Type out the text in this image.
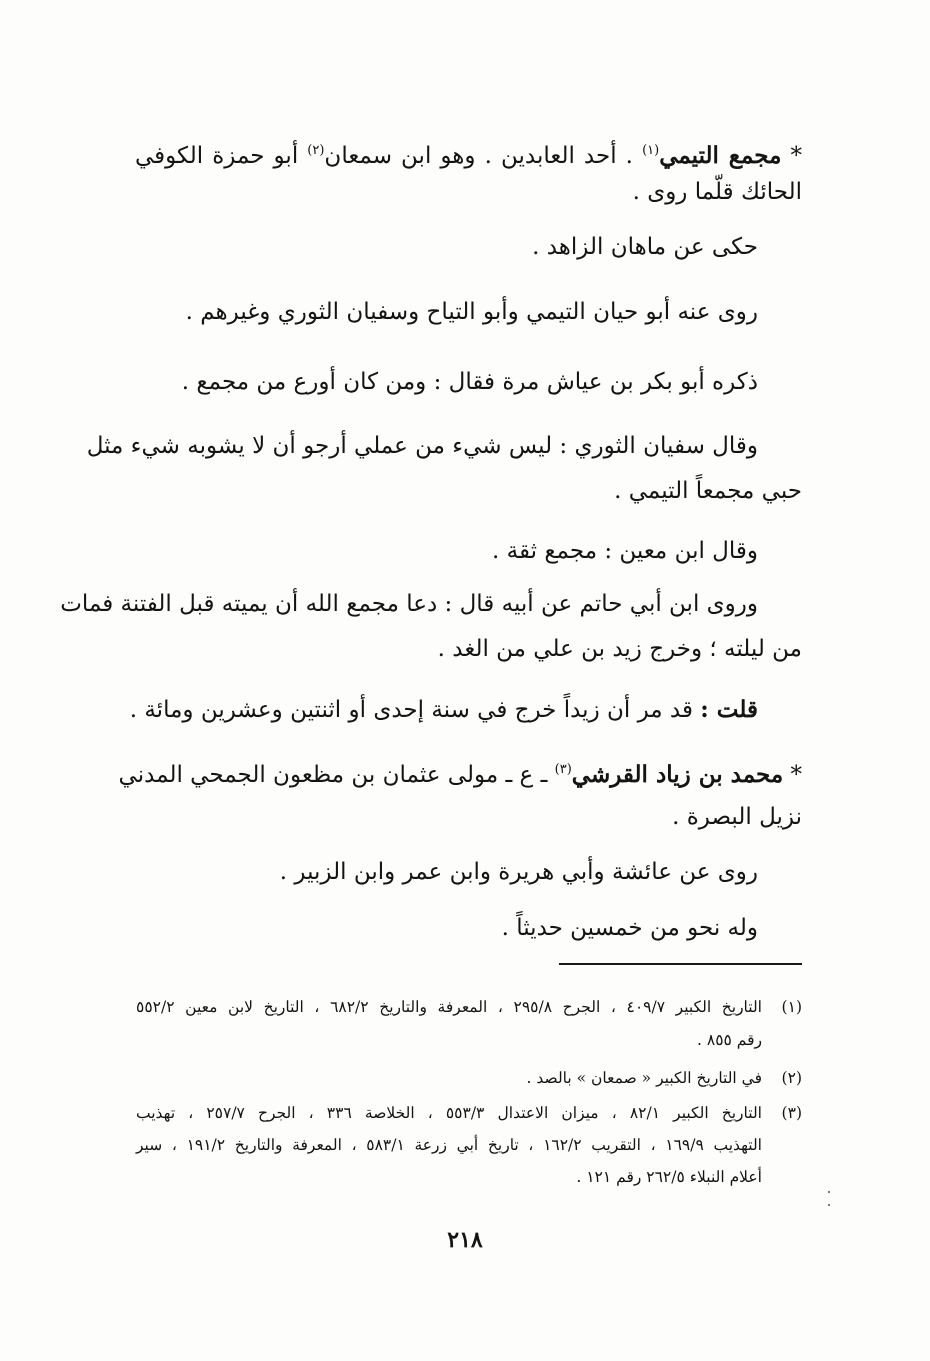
* مجمع التيمي$^{(١)}$ . أحد العابدين . وهو ابن سمعان$^{(٢)}$ أبو حمزة الكوفي
الحائك قلّما روى .
حكى عن ماهان الزاهد .
روى عنه أبو حيان التيمي وأبو التياح وسفيان الثوري وغيرهم .
ذكره أبو بكر بن عياش مرة فقال : ومن كان أورع من مجمع .
وقال سفيان الثوري : ليس شيء من عملي أرجو أن لا يشوبه شيء مثل
حبي مجمعاً التيمي .
وقال ابن معين : مجمع ثقة .
وروى ابن أبي حاتم عن أبيه قال : دعا مجمع الله أن يميته قبل الفتنة فمات
من ليلته ؛ وخرج زيد بن علي من الغد .
قلت : قد مر أن زيداً خرج في سنة إحدى أو اثنتين وعشرين ومائة .
* محمد بن زياد القرشي$^{(٣)}$ ـ ع ـ مولى عثمان بن مظعون الجمحي المدني
نزيل البصرة .
روى عن عائشة وأبي هريرة وابن عمر وابن الزبير .
وله نحو من خمسين حديثاً .
(١)
التاريخ الكبير ٤٠٩/٧ ، الجرح ٢٩٥/٨ ، المعرفة والتاريخ ٦٨٢/٢ ، التاريخ لابن معين ٥٥٢/٢
رقم ٨٥٥ .
(٢)
في التاريخ الكبير « صمعان » بالصد .
(٣)
التاريخ الكبير ٨٢/١ ، ميزان الاعتدال ٥٥٣/٣ ، الخلاصة ٣٣٦ ، الجرح ٢٥٧/٧ ، تهذيب
التهذيب ١٦٩/٩ ، التقريب ١٦٢/٢ ، تاريخ أبي زرعة ٥٨٣/١ ، المعرفة والتاريخ ١٩١/٢ ، سير
أعلام النبلاء ٢٦٢/٥ رقم ١٢١ .
٢١٨
